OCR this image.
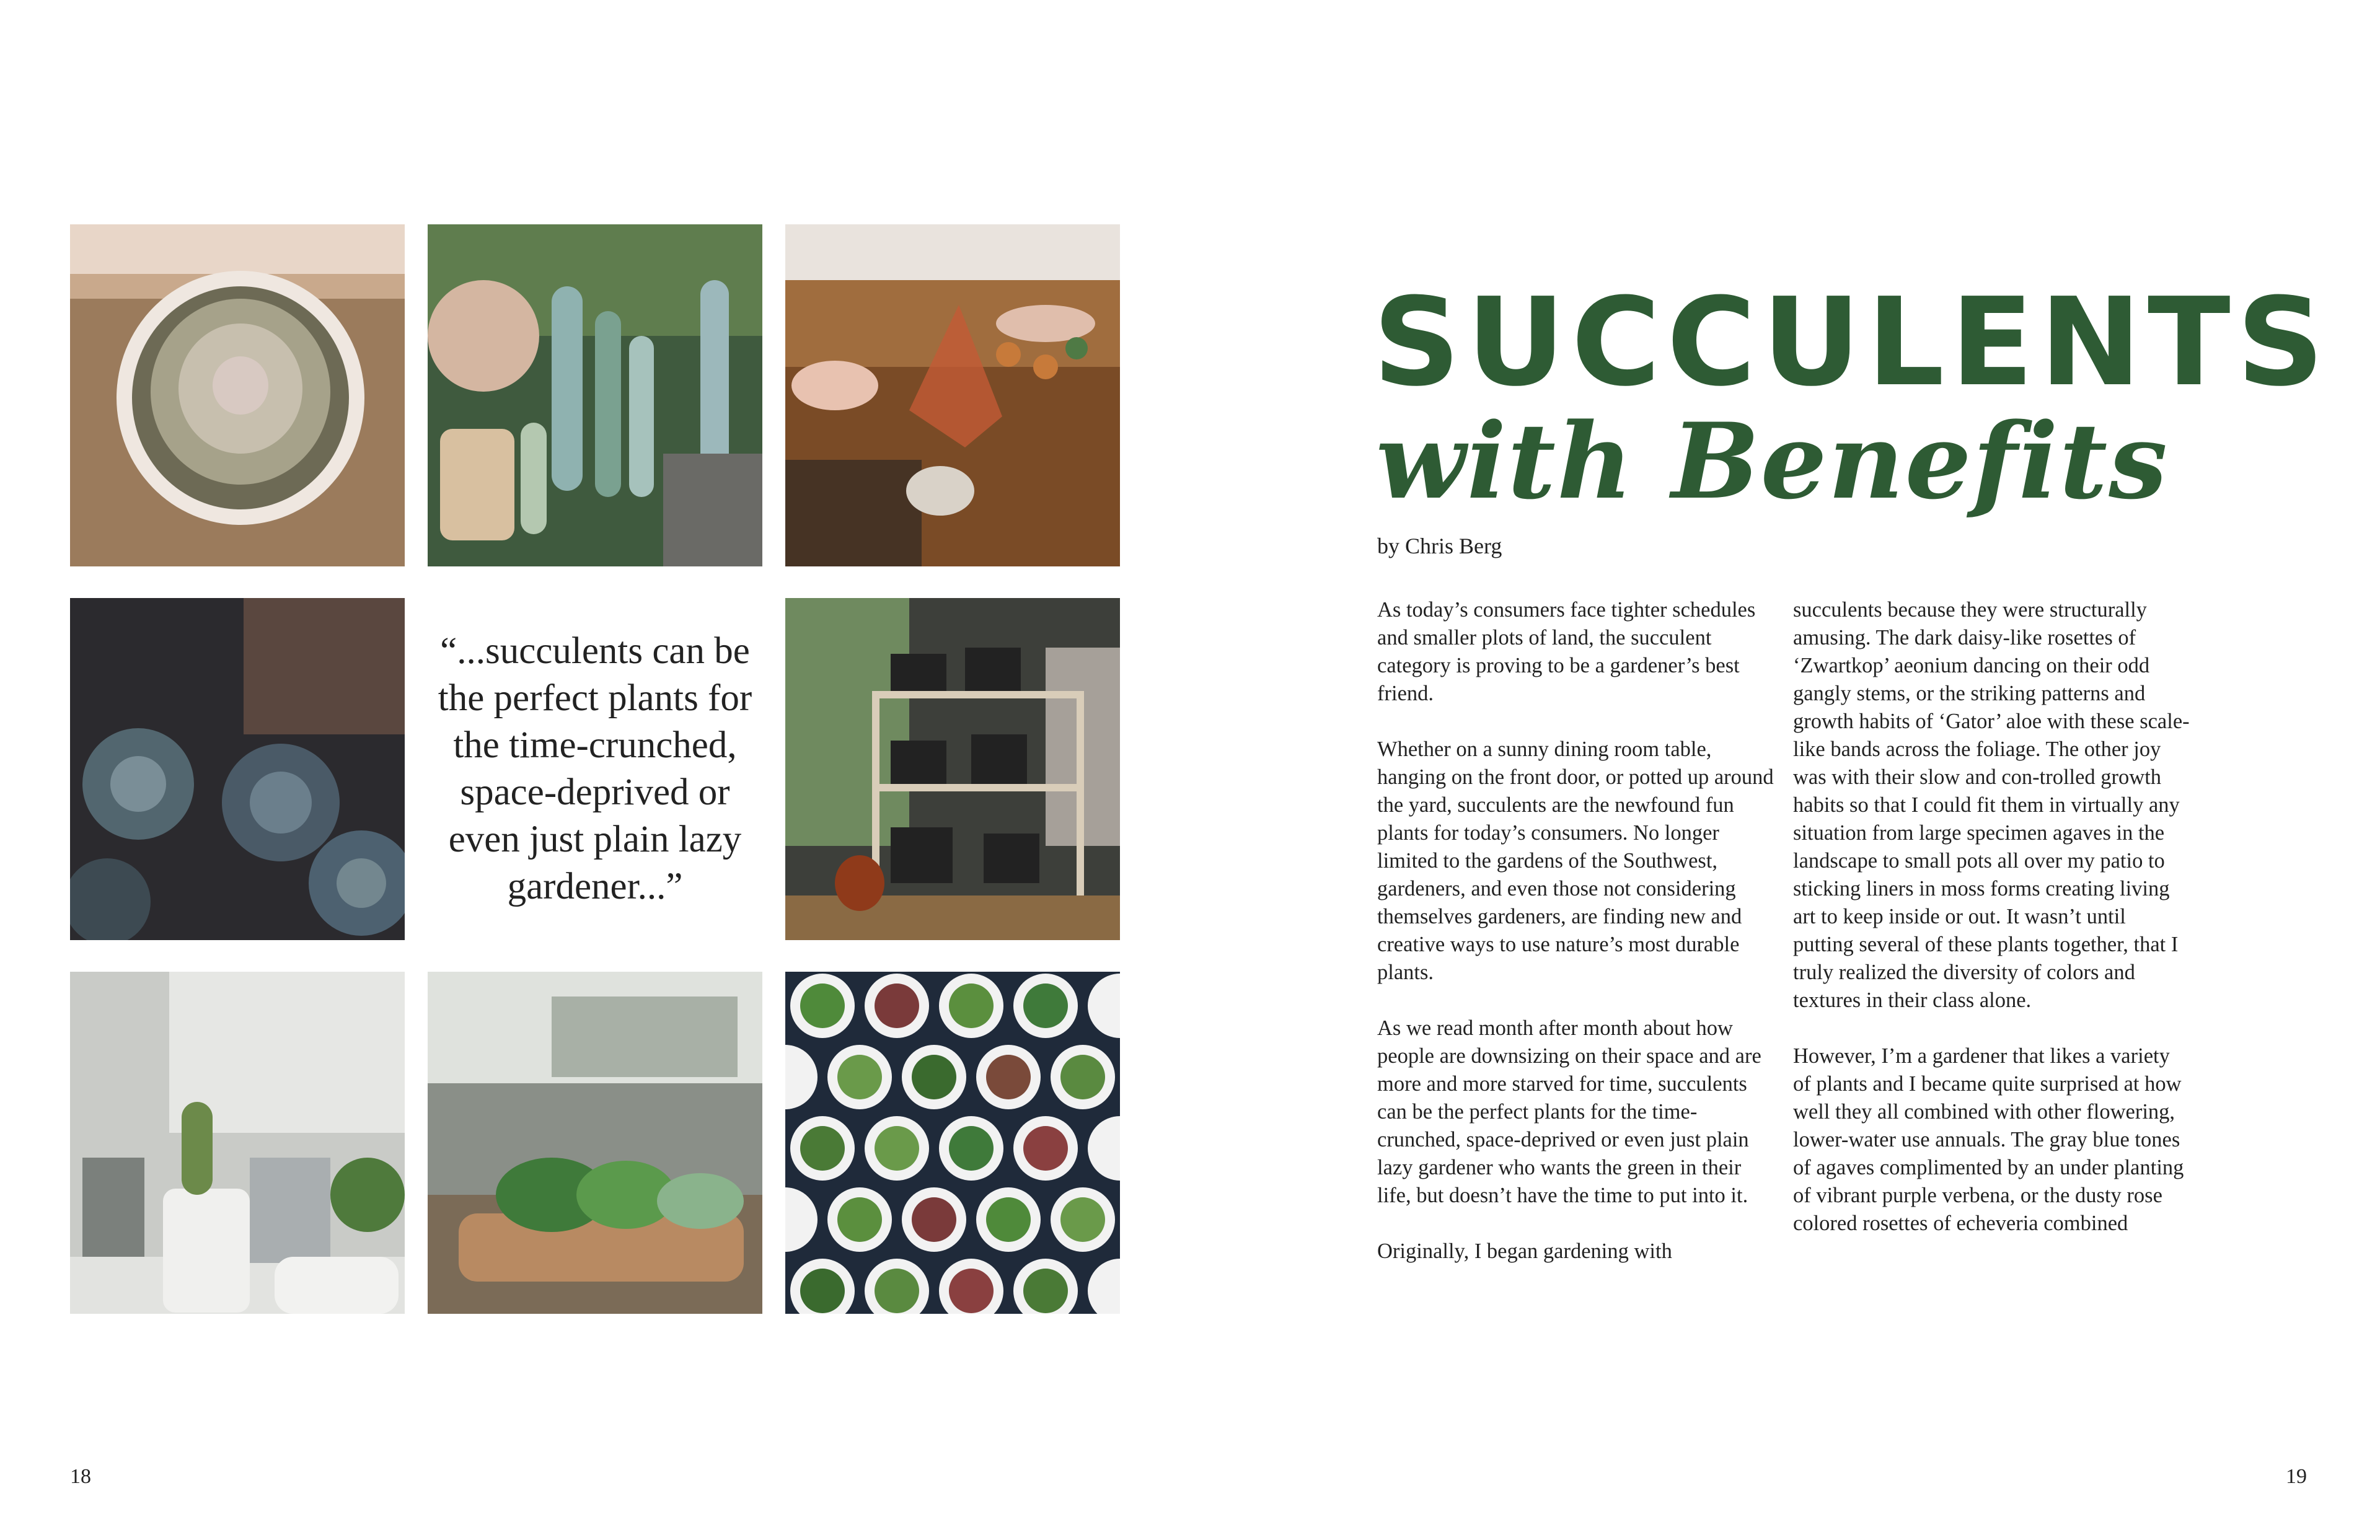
“...succulents can be the perfect plants for the time-crunched, space-deprived or even just plain lazy gardener...”
SUCCULENTS
with Benefits
by Chris Berg

As today’s consumers face tighter schedules and smaller plots of land, the succulent category is proving to be a gardener’s best friend.

Whether on a sunny dining room table, hanging on the front door, or potted up around the yard, succulents are the newfound fun plants for today’s consumers. No longer limited to the gardens of the Southwest, gardeners, and even those not considering themselves gardeners, are finding new and creative ways to use nature’s most durable plants.

As we read month after month about how people are downsizing on their space and are more and more starved for time, succulents can be the perfect plants for the time-crunched, space-deprived or even just plain lazy gardener who wants the green in their life, but doesn’t have the time to put into it.

Originally, I began gardening with

succulents because they were structurally amusing. The dark daisy-like rosettes of ‘Zwartkop’ aeonium dancing on their odd gangly stems, or the striking patterns and growth habits of ‘Gator’ aloe with these scale-like bands across the foliage. The other joy was with their slow and con-trolled growth habits so that I could fit them in virtually any situation from large specimen agaves in the landscape to small pots all over my patio to sticking liners in moss forms creating living art to keep inside or out. It wasn’t until putting several of these plants together, that I truly realized the diversity of colors and textures in their class alone.

However, I’m a gardener that likes a variety of plants and I became quite surprised at how well they all combined with other flowering, lower-water use annuals. The gray blue tones of agaves complimented by an under planting of vibrant purple verbena, or the dusty rose colored rosettes of echeveria combined

18	19
